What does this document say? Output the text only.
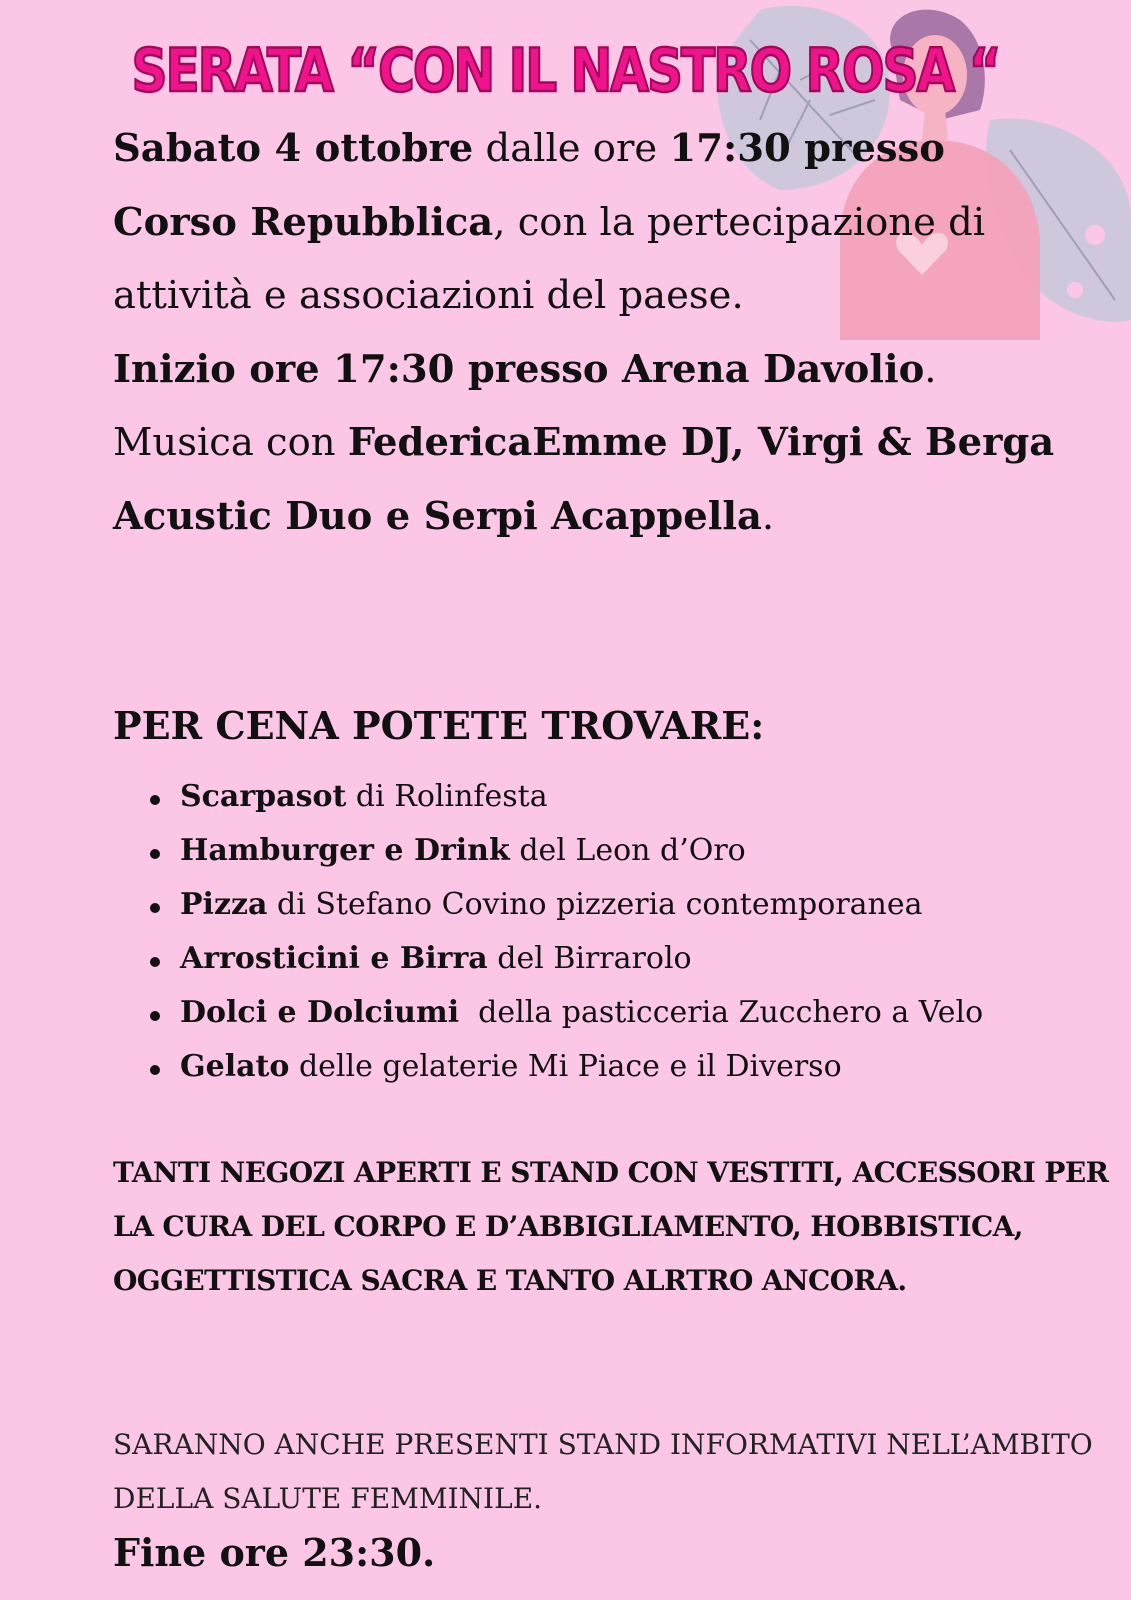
SERATA “CON IL NASTRO ROSA “

Sabato 4 ottobre dalle ore 17:30 presso
Corso Repubblica, con la pertecipazione di attività e associazioni del paese.
Inizio ore 17:30 presso Arena Davolio.
Musica con FedericaEmme DJ, Virgi & Berga Acustic Duo e Serpi Acappella.

PER CENA POTETE TROVARE:
Scarpasot di Rolinfesta
Hamburger e Drink del Leon d’Oro
Pizza di Stefano Covino pizzeria contemporanea
Arrosticini e Birra del Birrarolo
Dolci e Dolciumi  della pasticceria Zucchero a Velo
Gelato delle gelaterie Mi Piace e il Diverso

TANTI NEGOZI APERTI E STAND CON VESTITI, ACCESSORI PER LA CURA DEL CORPO E D’ABBIGLIAMENTO, HOBBISTICA, OGGETTISTICA SACRA E TANTO ALRTRO ANCORA.

SARANNO ANCHE PRESENTI STAND INFORMATIVI NELL’AMBITO DELLA SALUTE FEMMINILE.

Fine ore 23:30.
